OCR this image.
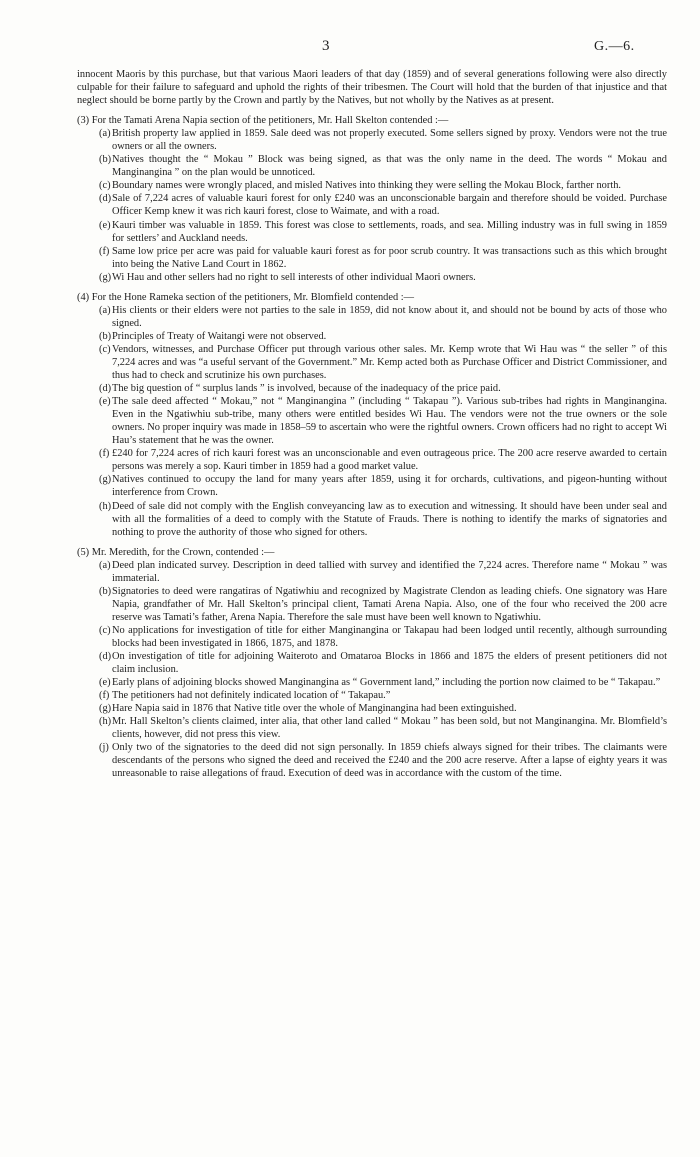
3	G.—6.

innocent Maoris by this purchase, but that various Maori leaders of that day (1859) and of several generations following were also directly culpable for their failure to safeguard and uphold the rights of their tribesmen. The Court will hold that the burden of that injustice and that neglect should be borne partly by the Crown and partly by the Natives, but not wholly by the Natives as at present.

(3) For the Tamati Arena Napia section of the petitioners, Mr. Hall Skelton contended :—

(a) British property law applied in 1859. Sale deed was not properly executed. Some sellers signed by proxy. Vendors were not the true owners or all the owners.
(b) Natives thought the “ Mokau ” Block was being signed, as that was the only name in the deed. The words “ Mokau and Manginangina ” on the plan would be unnoticed.
(c) Boundary names were wrongly placed, and misled Natives into thinking they were selling the Mokau Block, farther north.
(d) Sale of 7,224 acres of valuable kauri forest for only £240 was an unconscionable bargain and therefore should be voided. Purchase Officer Kemp knew it was rich kauri forest, close to Waimate, and with a road.
(e) Kauri timber was valuable in 1859. This forest was close to settlements, roads, and sea. Milling industry was in full swing in 1859 for settlers’ and Auckland needs.
(f) Same low price per acre was paid for valuable kauri forest as for poor scrub country. It was transactions such as this which brought into being the Native Land Court in 1862.
(g) Wi Hau and other sellers had no right to sell interests of other individual Maori owners.

(4) For the Hone Rameka section of the petitioners, Mr. Blomfield contended :—

(a) His clients or their elders were not parties to the sale in 1859, did not know about it, and should not be bound by acts of those who signed.
(b) Principles of Treaty of Waitangi were not observed.
(c) Vendors, witnesses, and Purchase Officer put through various other sales. Mr. Kemp wrote that Wi Hau was “ the seller ” of this 7,224 acres and was “a useful servant of the Government.” Mr. Kemp acted both as Purchase Officer and District Commissioner, and thus had to check and scrutinize his own purchases.
(d) The big question of “ surplus lands ” is involved, because of the inadequacy of the price paid.
(e) The sale deed affected “ Mokau,” not “ Manginangina ” (including “ Takapau ”). Various sub-tribes had rights in Manginangina. Even in the Ngatiwhiu sub-tribe, many others were entitled besides Wi Hau. The vendors were not the true owners or the sole owners. No proper inquiry was made in 1858–59 to ascertain who were the rightful owners. Crown officers had no right to accept Wi Hau’s statement that he was the owner.
(f) £240 for 7,224 acres of rich kauri forest was an unconscionable and even outrageous price. The 200 acre reserve awarded to certain persons was merely a sop. Kauri timber in 1859 had a good market value.
(g) Natives continued to occupy the land for many years after 1859, using it for orchards, cultivations, and pigeon-hunting without interference from Crown.
(h) Deed of sale did not comply with the English conveyancing law as to execution and witnessing. It should have been under seal and with all the formalities of a deed to comply with the Statute of Frauds. There is nothing to identify the marks of signatories and nothing to prove the authority of those who signed for others.

(5) Mr. Meredith, for the Crown, contended :—

(a) Deed plan indicated survey. Description in deed tallied with survey and identified the 7,224 acres. Therefore name “ Mokau ” was immaterial.
(b) Signatories to deed were rangatiras of Ngatiwhiu and recognized by Magistrate Clendon as leading chiefs. One signatory was Hare Napia, grandfather of Mr. Hall Skelton’s principal client, Tamati Arena Napia. Also, one of the four who received the 200 acre reserve was Tamati’s father, Arena Napia. Therefore the sale must have been well known to Ngatiwhiu.
(c) No applications for investigation of title for either Manginangina or Takapau had been lodged until recently, although surrounding blocks had been investigated in 1866, 1875, and 1878.
(d) On investigation of title for adjoining Waiteroto and Omataroa Blocks in 1866 and 1875 the elders of present petitioners did not claim inclusion.
(e) Early plans of adjoining blocks showed Manginangina as “ Government land,” including the portion now claimed to be “ Takapau.”
(f) The petitioners had not definitely indicated location of “ Takapau.”
(g) Hare Napia said in 1876 that Native title over the whole of Manginangina had been extinguished.
(h) Mr. Hall Skelton’s clients claimed, inter alia, that other land called “ Mokau ” has been sold, but not Manginangina. Mr. Blomfield’s clients, however, did not press this view.
(j) Only two of the signatories to the deed did not sign personally. In 1859 chiefs always signed for their tribes. The claimants were descendants of the persons who signed the deed and received the £240 and the 200 acre reserve. After a lapse of eighty years it was unreasonable to raise allegations of fraud. Execution of deed was in accordance with the custom of the time.
